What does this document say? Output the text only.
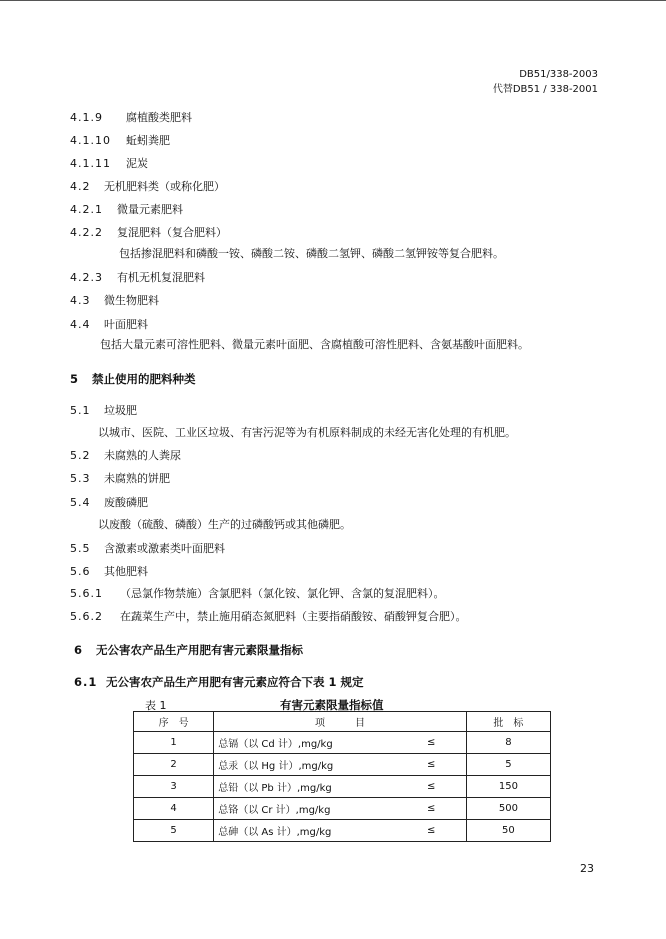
DB51/338-2003
代替DB51 / 338-2001
4.1.9 腐植酸类肥料
4.1.10 蚯蚓粪肥
4.1.11 泥炭
4.2 无机肥料类（或称化肥）
4.2.1 微量元素肥料
4.2.2 复混肥料（复合肥料）
包括掺混肥料和磷酸一铵、磷酸二铵、磷酸二氢钾、磷酸二氢钾铵等复合肥料。
4.2.3 有机无机复混肥料
4.3 微生物肥料
4.4 叶面肥料
包括大量元素可溶性肥料、微量元素叶面肥、含腐植酸可溶性肥料、含氨基酸叶面肥料。
5 禁止使用的肥料种类
5.1 垃圾肥
以城市、医院、工业区垃圾、有害污泥等为有机原料制成的未经无害化处理的有机肥。
5.2 未腐熟的人粪尿
5.3 未腐熟的饼肥
5.4 废酸磷肥
以废酸（硫酸、磷酸）生产的过磷酸钙或其他磷肥。
5.5 含激素或激素类叶面肥料
5.6 其他肥料
5.6.1 （忌氯作物禁施）含氯肥料（氯化铵、氯化钾、含氯的复混肥料）。
5.6.2 在蔬菜生产中，禁止施用硝态氮肥料（主要指硝酸铵、硝酸钾复合肥）。
6 无公害农产品生产用肥有害元素限量指标
6.1 无公害农产品生产用肥有害元素应符合下表 1 规定
表 1	有害元素限量指标值
序　号	项　　　目		批　标
1	总镉（以 Cd 计）,mg/kg	≤	8
2	总汞（以 Hg 计）,mg/kg	≤	5
3	总铅（以 Pb 计）,mg/kg	≤	150
4	总铬（以 Cr 计）,mg/kg	≤	500
5	总砷（以 As 计）,mg/kg	≤	50
23
